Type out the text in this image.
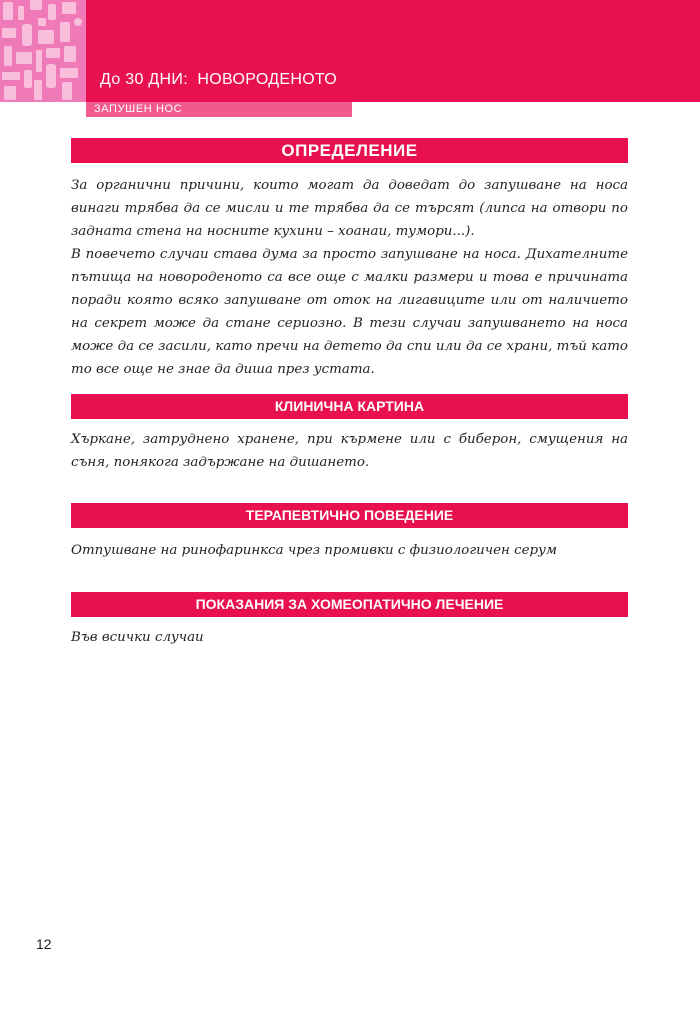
До 30 ДНИ:  НОВОРОДЕНОТО
ЗАПУШЕН НОС
ОПРЕДЕЛЕНИЕ

За органични причини, които могат да доведат до запушване на носа винаги трябва да се мисли и те трябва да се търсят (липса на отвори по задната стена на носните кухини – хоанаи, тумори...).

В повечето случаи става дума за просто запушване на носа. Дихателните пътища на новороденото са все още с малки размери и това е причината поради която всяко запушване от оток на лигавиците или от наличието на секрет може да стане сериозно. В тези случаи запушването на носа може да се засили, като пречи на детето да спи или да се храни, тъй като то все още не знае да диша през устата.

КЛИНИЧНА КАРТИНА

Хъркане, затруднено хранене, при кърмене или с биберон, смущения на съня, понякога задържане на дишането.

ТЕРАПЕВТИЧНО ПОВЕДЕНИЕ

Отпушване на ринофаринкса чрез промивки с физиологичен серум

ПОКАЗАНИЯ ЗА ХОМЕОПАТИЧНО ЛЕЧЕНИЕ

Във всички случаи

12
